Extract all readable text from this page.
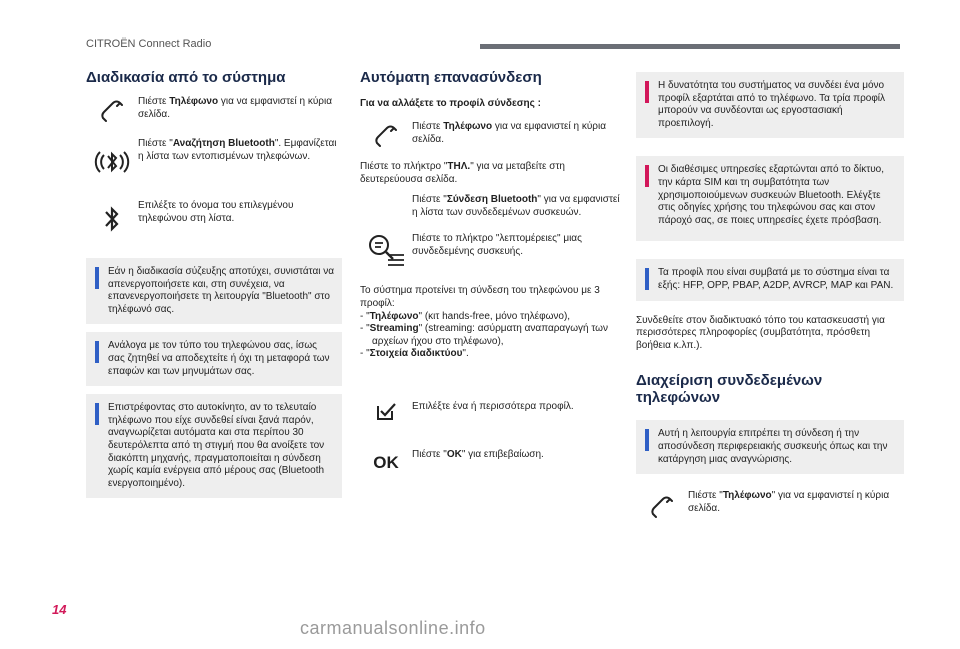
CITROËN Connect Radio
Διαδικασία από το σύστημα
Πιέστε Τηλέφωνο για να εμφανιστεί η κύρια σελίδα.
Πιέστε "Αναζήτηση Bluetooth". Εμφανίζεται η λίστα των εντοπισμένων τηλεφώνων.
Επιλέξτε το όνομα του επιλεγμένου τηλεφώνου στη λίστα.
Εάν η διαδικασία σύζευξης αποτύχει, συνιστάται να απενεργοποιήσετε και, στη συνέχεια, να επανενεργοποιήσετε τη λειτουργία "Bluetooth" στο τηλέφωνό σας.
Ανάλογα με τον τύπο του τηλεφώνου σας, ίσως σας ζητηθεί να αποδεχτείτε ή όχι τη μεταφορά των επαφών και των μηνυμάτων σας.
Επιστρέφοντας στο αυτοκίνητο, αν το τελευταίο τηλέφωνο που είχε συνδεθεί είναι ξανά παρόν, αναγνωρίζεται αυτόματα και στα περίπου 30 δευτερόλεπτα από τη στιγμή που θα ανοίξετε τον διακόπτη μηχανής, πραγματοποιείται η σύνδεση χωρίς καμία ενέργεια από μέρους σας (Bluetooth ενεργοποιημένο).
Αυτόματη επανασύνδεση
Για να αλλάξετε το προφίλ σύνδεσης :
Πιέστε Τηλέφωνο για να εμφανιστεί η κύρια σελίδα.

Πιέστε το πλήκτρο "ΤΗΛ." για να μεταβείτε στη δευτερεύουσα σελίδα.

Πιέστε "Σύνδεση Bluetooth" για να εμφανιστεί η λίστα των συνδεδεμένων συσκευών.
Πιέστε το πλήκτρο "λεπτομέρειες" μιας συνδεδεμένης συσκευής.

Το σύστημα προτείνει τη σύνδεση του τηλεφώνου με 3 προφίλ:

- "Τηλέφωνο" (κιτ hands-free, μόνο τηλέφωνο),
- "Streaming" (streaming: ασύρματη αναπαραγωγή των αρχείων ήχου στο τηλέφωνο),
- "Στοιχεία διαδικτύου".
Επιλέξτε ένα ή περισσότερα προφίλ.
OK	Πιέστε "OK" για επιβεβαίωση.
Η δυνατότητα του συστήματος να συνδέει ένα μόνο προφίλ εξαρτάται από το τηλέφωνο. Τα τρία προφίλ μπορούν να συνδέονται ως εργοστασιακή προεπιλογή.
Οι διαθέσιμες υπηρεσίες εξαρτώνται από το δίκτυο, την κάρτα SIM και τη συμβατότητα των χρησιμοποιούμενων συσκευών Bluetooth. Ελέγξτε στις οδηγίες χρήσης του τηλεφώνου σας και στον πάροχό σας, σε ποιες υπηρεσίες έχετε πρόσβαση.
Τα προφίλ που είναι συμβατά με το σύστημα είναι τα εξής: HFP, OPP, PBAP, A2DP, AVRCP, MAP και PAN.

Συνδεθείτε στον διαδικτυακό τόπο του κατασκευαστή για περισσότερες πληροφορίες (συμβατότητα, πρόσθετη βοήθεια κ.λπ.).

Διαχείριση συνδεδεμένων τηλεφώνων
Αυτή η λειτουργία επιτρέπει τη σύνδεση ή την αποσύνδεση περιφερειακής συσκευής όπως και την κατάργηση μιας αναγνώρισης.
Πιέστε "Τηλέφωνο" για να εμφανιστεί η κύρια σελίδα.
14
carmanualsonline.info
